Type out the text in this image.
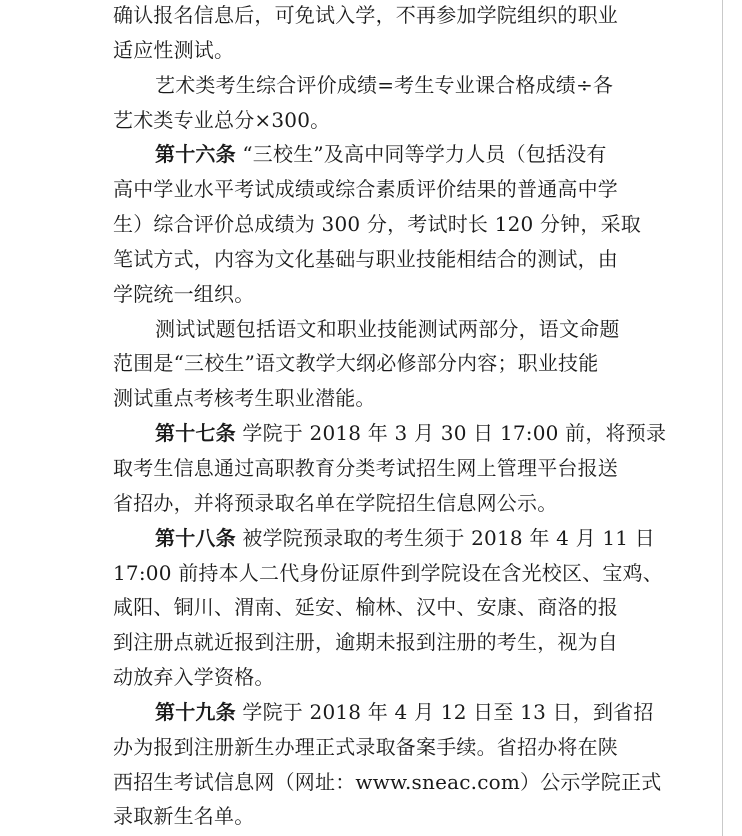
确认报名信息后，可免试入学，不再参加学院组织的职业
适应性测试。
艺术类考生综合评价成绩=考生专业课合格成绩÷各
艺术类专业总分×300。
第十六条 “三校生”及高中同等学力人员（包括没有
高中学业水平考试成绩或综合素质评价结果的普通高中学
生）综合评价总成绩为 300 分，考试时长 120 分钟，采取
笔试方式，内容为文化基础与职业技能相结合的测试，由
学院统一组织。
测试试题包括语文和职业技能测试两部分，语文命题
范围是“三校生”语文教学大纲必修部分内容；职业技能
测试重点考核考生职业潜能。
第十七条 学院于 2018 年 3 月 30 日 17:00 前，将预录
取考生信息通过高职教育分类考试招生网上管理平台报送
省招办，并将预录取名单在学院招生信息网公示。
第十八条 被学院预录取的考生须于 2018 年 4 月 11 日
17:00 前持本人二代身份证原件到学院设在含光校区、宝鸡、
咸阳、铜川、渭南、延安、榆林、汉中、安康、商洛的报
到注册点就近报到注册，逾期未报到注册的考生，视为自
动放弃入学资格。
第十九条 学院于 2018 年 4 月 12 日至 13 日，到省招
办为报到注册新生办理正式录取备案手续。省招办将在陕
西招生考试信息网（网址：www.sneac.com）公示学院正式
录取新生名单。
